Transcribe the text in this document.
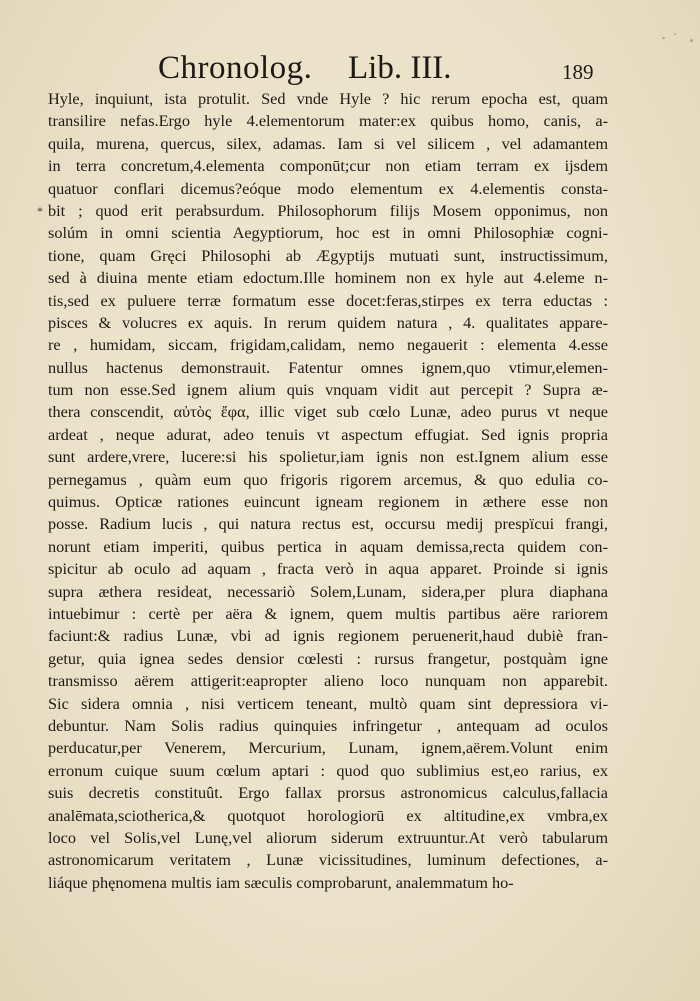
Chronolog. Lib. III.	189
*
Hyle, inquiunt, ista protulit. Sed vnde Hyle ? hic rerum epocha est, quam
transilire nefas.Ergo hyle 4.elementorum mater:ex quibus homo, canis, a-
quila, murena, quercus, silex, adamas. Iam si vel silicem , vel adamantem
in terra concretum,4.elementa componūt;cur non etiam terram ex ijsdem
quatuor conflari dicemus?eóque modo elementum ex 4.elementis consta-
bit ; quod erit perabsurdum. Philosophorum filijs Mosem opponimus, non
solúm in omni scientia Aegyptiorum, hoc est in omni Philosophiæ cogni-
tione, quam Gręci Philosophi ab Ægyptijs mutuati sunt, instructissimum,
sed à diuina mente etiam edoctum.Ille hominem non ex hyle aut 4.eleme n-
tis,sed ex puluere terræ formatum esse docet:feras,stirpes ex terra eductas :
pisces & volucres ex aquis. In rerum quidem natura , 4. qualitates appare-
re , humidam, siccam, frigidam,calidam, nemo negauerit : elementa 4.esse
nullus hactenus demonstrauit. Fatentur omnes ignem,quo vtimur,elemen-
tum non esse.Sed ignem alium quis vnquam vidit aut percepit ? Supra æ-
thera conscendit, αὐτὸς ἔφα, illic viget sub cœlo Lunæ, adeo purus vt neque
ardeat , neque adurat, adeo tenuis vt aspectum effugiat. Sed ignis propria
sunt ardere,vrere, lucere:si his spolietur,iam ignis non est.Ignem alium esse
pernegamus , quàm eum quo frigoris rigorem arcemus, & quo edulia co-
quimus. Opticæ rationes euincunt igneam regionem in æthere esse non
posse. Radium lucis , qui natura rectus est, occursu medij prespïcui frangi,
norunt etiam imperiti, quibus pertica in aquam demissa,recta quidem con-
spicitur ab oculo ad aquam , fracta verò in aqua apparet. Proinde si ignis
supra æthera resideat, necessariò Solem,Lunam, sidera,per plura diaphana
intuebimur : certè per aëra & ignem, quem multis partibus aëre rariorem
faciunt:& radius Lunæ, vbi ad ignis regionem peruenerit,haud dubiè fran-
getur, quia ignea sedes densior cœlesti : rursus frangetur, postquàm igne
transmisso aërem attigerit:eapropter alieno loco nunquam non apparebit.
Sic sidera omnia , nisi verticem teneant, multò quam sint depressiora vi-
debuntur. Nam Solis radius quinquies infringetur , antequam ad oculos
perducatur,per Venerem, Mercurium, Lunam, ignem,aërem.Volunt enim
erronum cuique suum cœlum aptari : quod quo sublimius est,eo rarius, ex
suis decretis constituût. Ergo fallax prorsus astronomicus calculus,fallacia
analēmata,sciotherica,& quotquot horologiorū ex altitudine,ex vmbra,ex
loco vel Solis,vel Lunę,vel aliorum siderum extruuntur.At verò tabularum
astronomicarum veritatem , Lunæ vicissitudines, luminum defectiones, a-
liáque phęnomena multis iam sæculis comprobarunt, analemmatum ho-
